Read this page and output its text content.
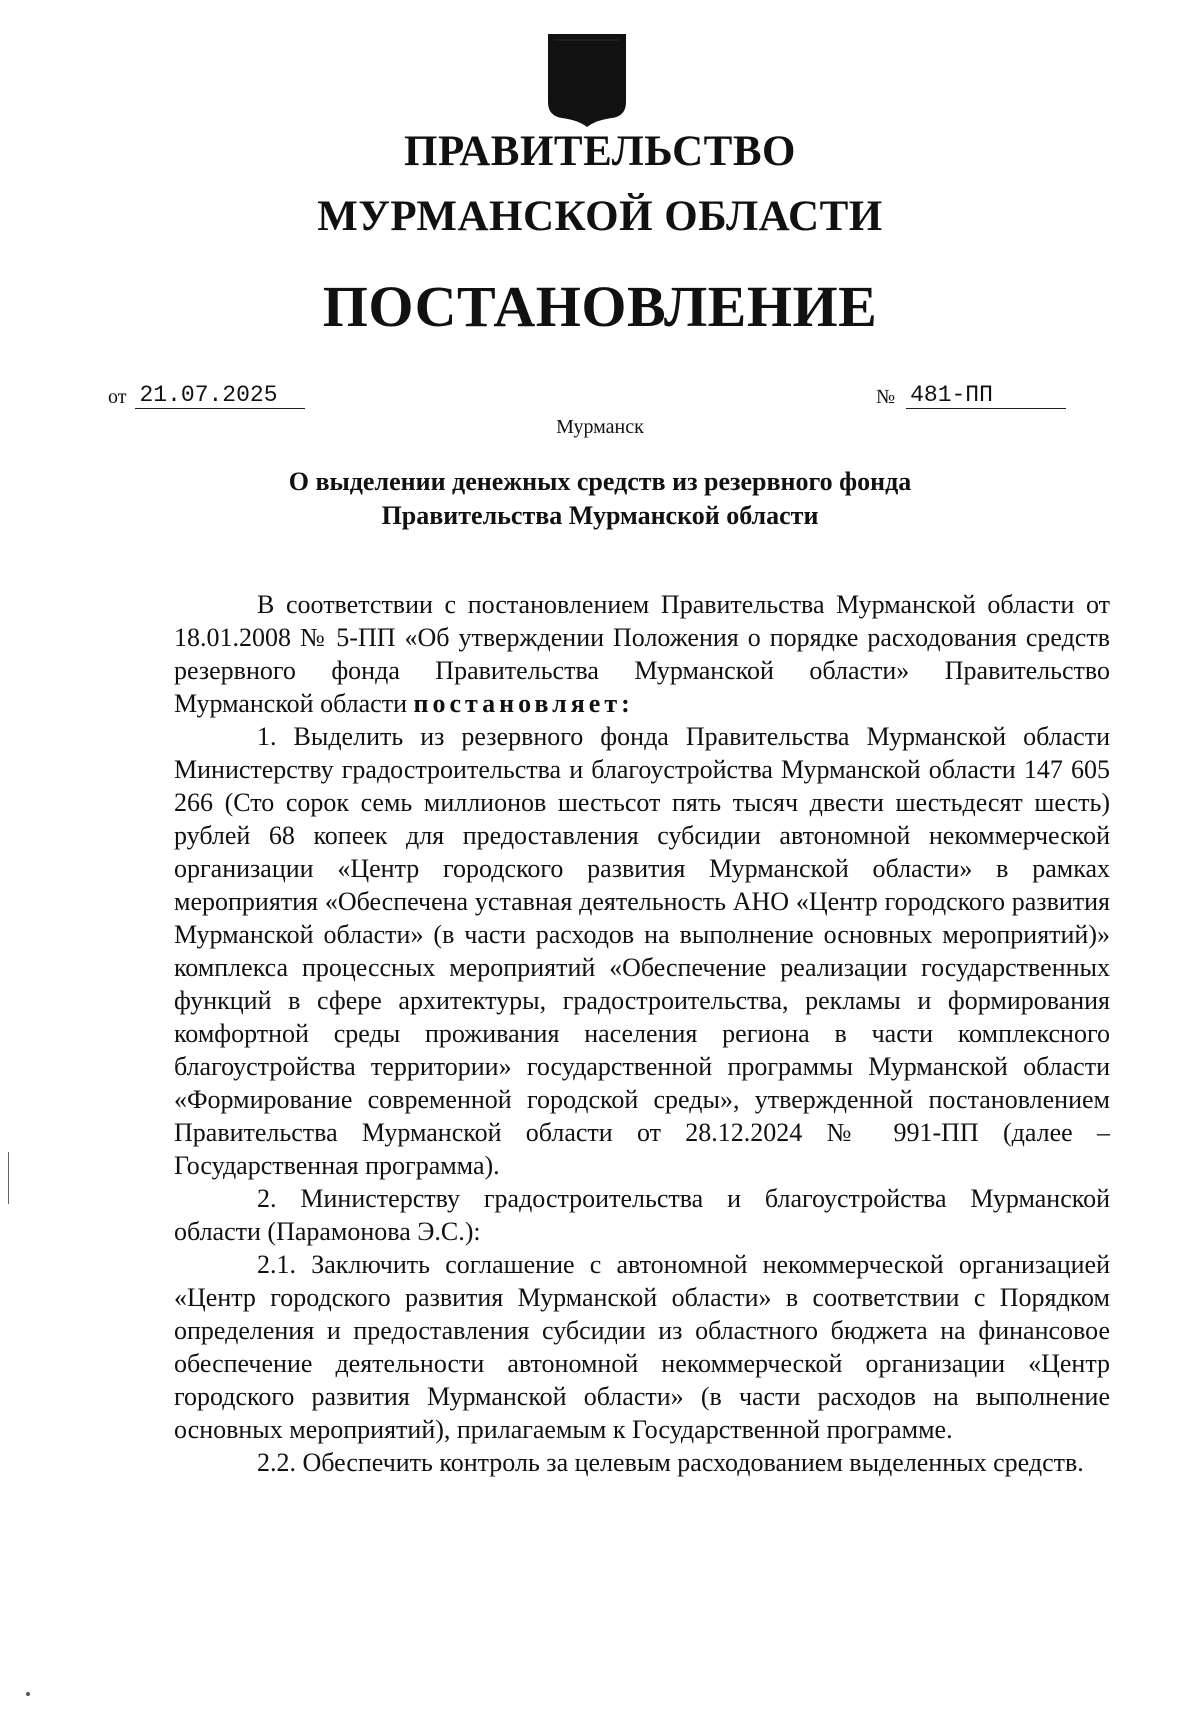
ПРАВИТЕЛЬСТВО
МУРМАНСКОЙ ОБЛАСТИ
ПОСТАНОВЛЕНИЕ
от 21.07.2025	№ 481-ПП
Мурманск
О выделении денежных средств из резервного фонда
Правительства Мурманской области

В соответствии с постановлением Правительства Мурманской области от 18.01.2008 № 5-ПП «Об утверждении Положения о порядке расходования средств резервного фонда Правительства Мурманской области» Правительство Мурманской области постановляет:

1. Выделить из резервного фонда Правительства Мурманской области Министерству градостроительства и благоустройства Мурманской области 147 605 266 (Сто сорок семь миллионов шестьсот пять тысяч двести шестьдесят шесть) рублей 68 копеек для предоставления субсидии автономной некоммерческой организации «Центр городского развития Мурманской области» в рамках мероприятия «Обеспечена уставная деятельность АНО «Центр городского развития Мурманской области» (в части расходов на выполнение основных мероприятий)» комплекса процессных мероприятий «Обеспечение реализации государственных функций в сфере архитектуры, градостроительства, рекламы и формирования комфортной среды проживания населения региона в части комплексного благоустройства территории» государственной программы Мурманской области «Формирование современной городской среды», утвержденной постановлением Правительства Мурманской области от 28.12.2024 № 991-ПП (далее – Государственная программа).

2. Министерству градостроительства и благоустройства Мурманской области (Парамонова Э.С.):

2.1. Заключить соглашение с автономной некоммерческой организацией «Центр городского развития Мурманской области» в соответствии с Порядком определения и предоставления субсидии из областного бюджета на финансовое обеспечение деятельности автономной некоммерческой организации «Центр городского развития Мурманской области» (в части расходов на выполнение основных мероприятий), прилагаемым к Государственной программе.

2.2. Обеспечить контроль за целевым расходованием выделенных средств.
